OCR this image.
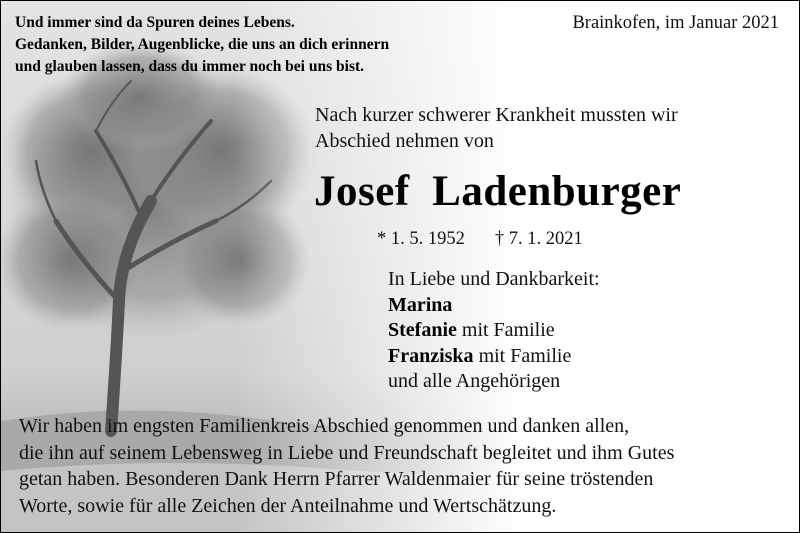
Und immer sind da Spuren deines Lebens.
Gedanken, Bilder, Augenblicke, die uns an dich erinnern
und glauben lassen, dass du immer noch bei uns bist.
Brainkofen, im Januar 2021
Nach kurzer schwerer Krankheit mussten wir
Abschied nehmen von
Josef  Ladenburger
* 1. 5. 1952 † 7. 1. 2021
In Liebe und Dankbarkeit:
Marina
Stefanie mit Familie
Franziska mit Familie
und alle Angehörigen
Wir haben im engsten Familienkreis Abschied genommen und danken allen,
die ihn auf seinem Lebensweg in Liebe und Freundschaft begleitet und ihm Gutes
getan haben. Besonderen Dank Herrn Pfarrer Waldenmaier für seine tröstenden
Worte, sowie für alle Zeichen der Anteilnahme und Wertschätzung.
